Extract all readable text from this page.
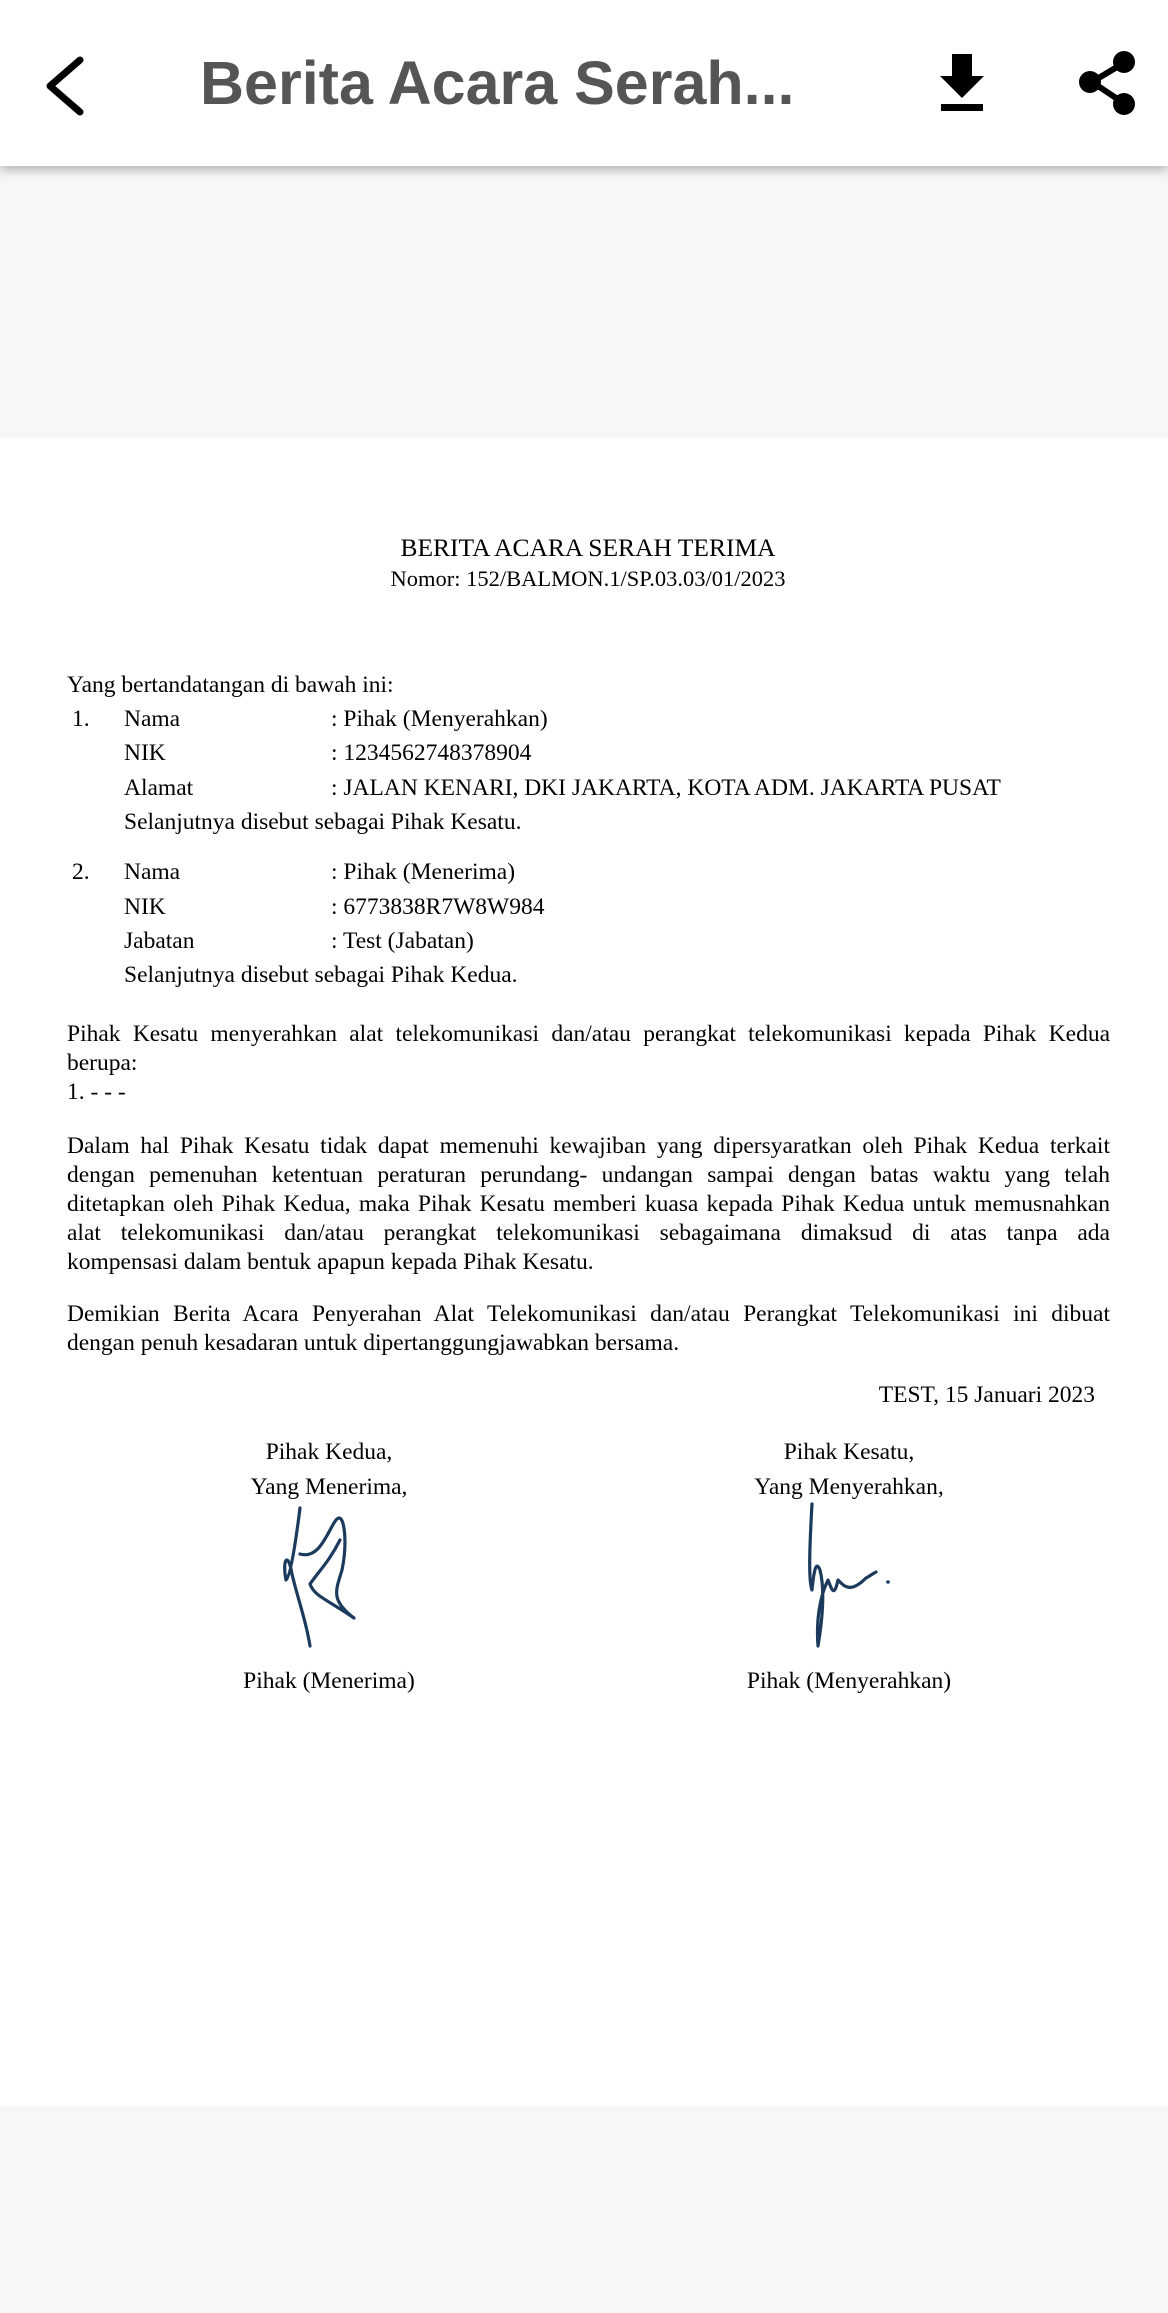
Berita Acara Serah...
BERITA ACARA SERAH TERIMA
Nomor: 152/BALMON.1/SP.03.03/01/2023
Yang bertandatangan di bawah ini:
1. Nama	: Pihak (Menyerahkan)
NIK	: 1234562748378904
Alamat	: JALAN KENARI, DKI JAKARTA, KOTA ADM. JAKARTA PUSAT
Selanjutnya disebut sebagai Pihak Kesatu.
2. Nama	: Pihak (Menerima)
NIK	: 6773838R7W8W984
Jabatan	: Test (Jabatan)
Selanjutnya disebut sebagai Pihak Kedua.
Pihak Kesatu menyerahkan alat telekomunikasi dan/atau perangkat telekomunikasi kepada Pihak Kedua
berupa:
1. - - -
Dalam hal Pihak Kesatu tidak dapat memenuhi kewajiban yang dipersyaratkan oleh Pihak Kedua terkait
dengan pemenuhan ketentuan peraturan perundang- undangan sampai dengan batas waktu yang telah
ditetapkan oleh Pihak Kedua, maka Pihak Kesatu memberi kuasa kepada Pihak Kedua untuk memusnahkan
alat telekomunikasi dan/atau perangkat telekomunikasi sebagaimana dimaksud di atas tanpa ada
kompensasi dalam bentuk apapun kepada Pihak Kesatu.
Demikian Berita Acara Penyerahan Alat Telekomunikasi dan/atau Perangkat Telekomunikasi ini dibuat
dengan penuh kesadaran untuk dipertanggungjawabkan bersama.
TEST, 15 Januari 2023
Pihak Kedua,
Yang Menerima,
Pihak (Menerima)
Pihak Kesatu,
Yang Menyerahkan,
Pihak (Menyerahkan)
